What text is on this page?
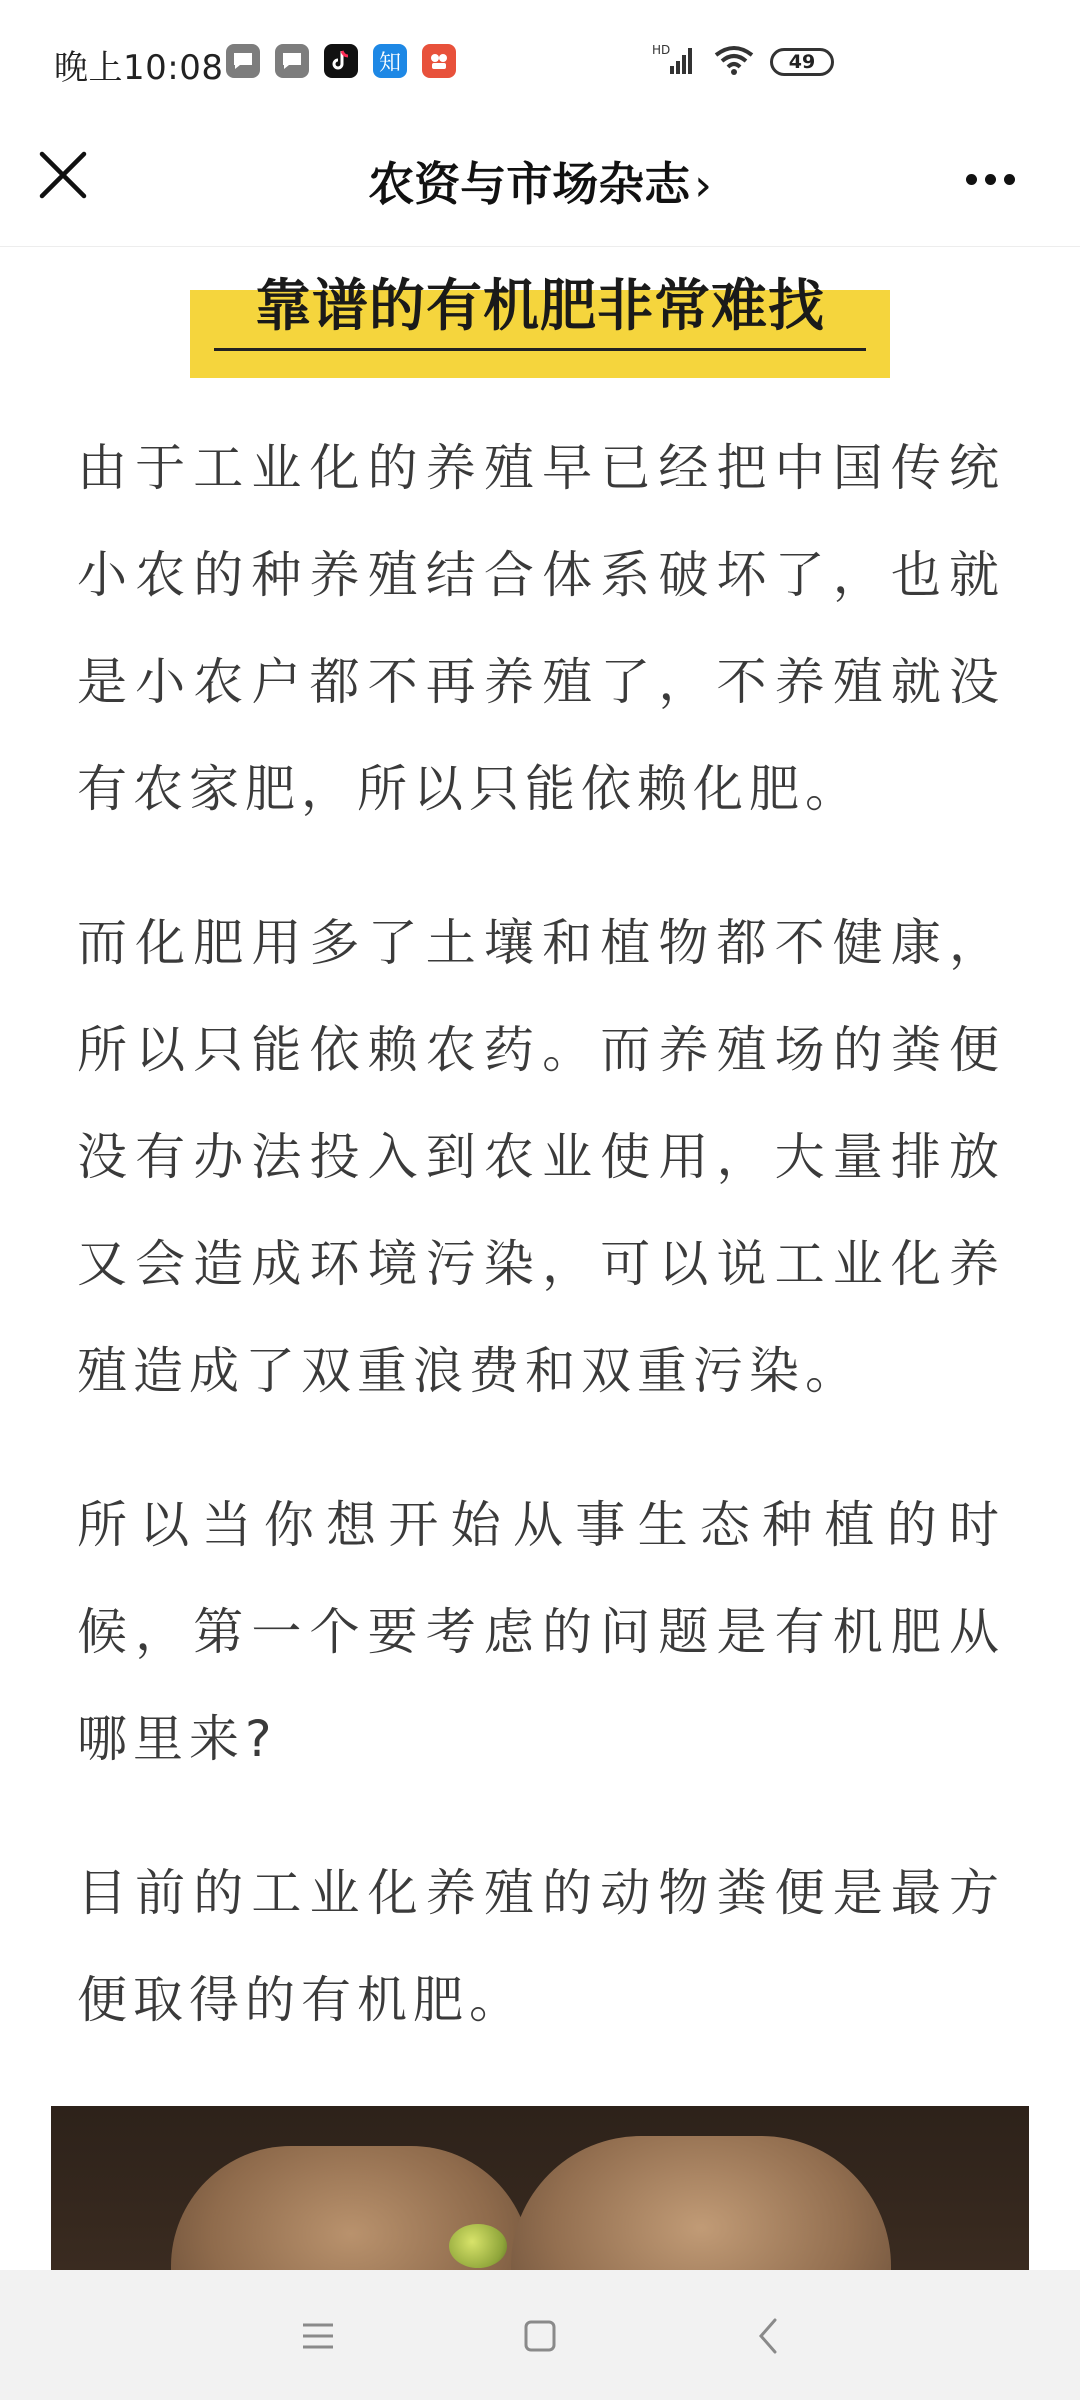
晚上10:08	知
HD
49
农资与市场杂志›
靠谱的有机肥非常难找

由于工业化的养殖早已经把中国传统小农的种养殖结合体系破坏了，也就是小农户都不再养殖了，不养殖就没有农家肥，所以只能依赖化肥。

而化肥用多了土壤和植物都不健康，所以只能依赖农药。而养殖场的粪便没有办法投入到农业使用，大量排放又会造成环境污染，可以说工业化养殖造成了双重浪费和双重污染。

所以当你想开始从事生态种植的时候，第一个要考虑的问题是有机肥从哪里来?

目前的工业化养殖的动物粪便是最方便取得的有机肥。
